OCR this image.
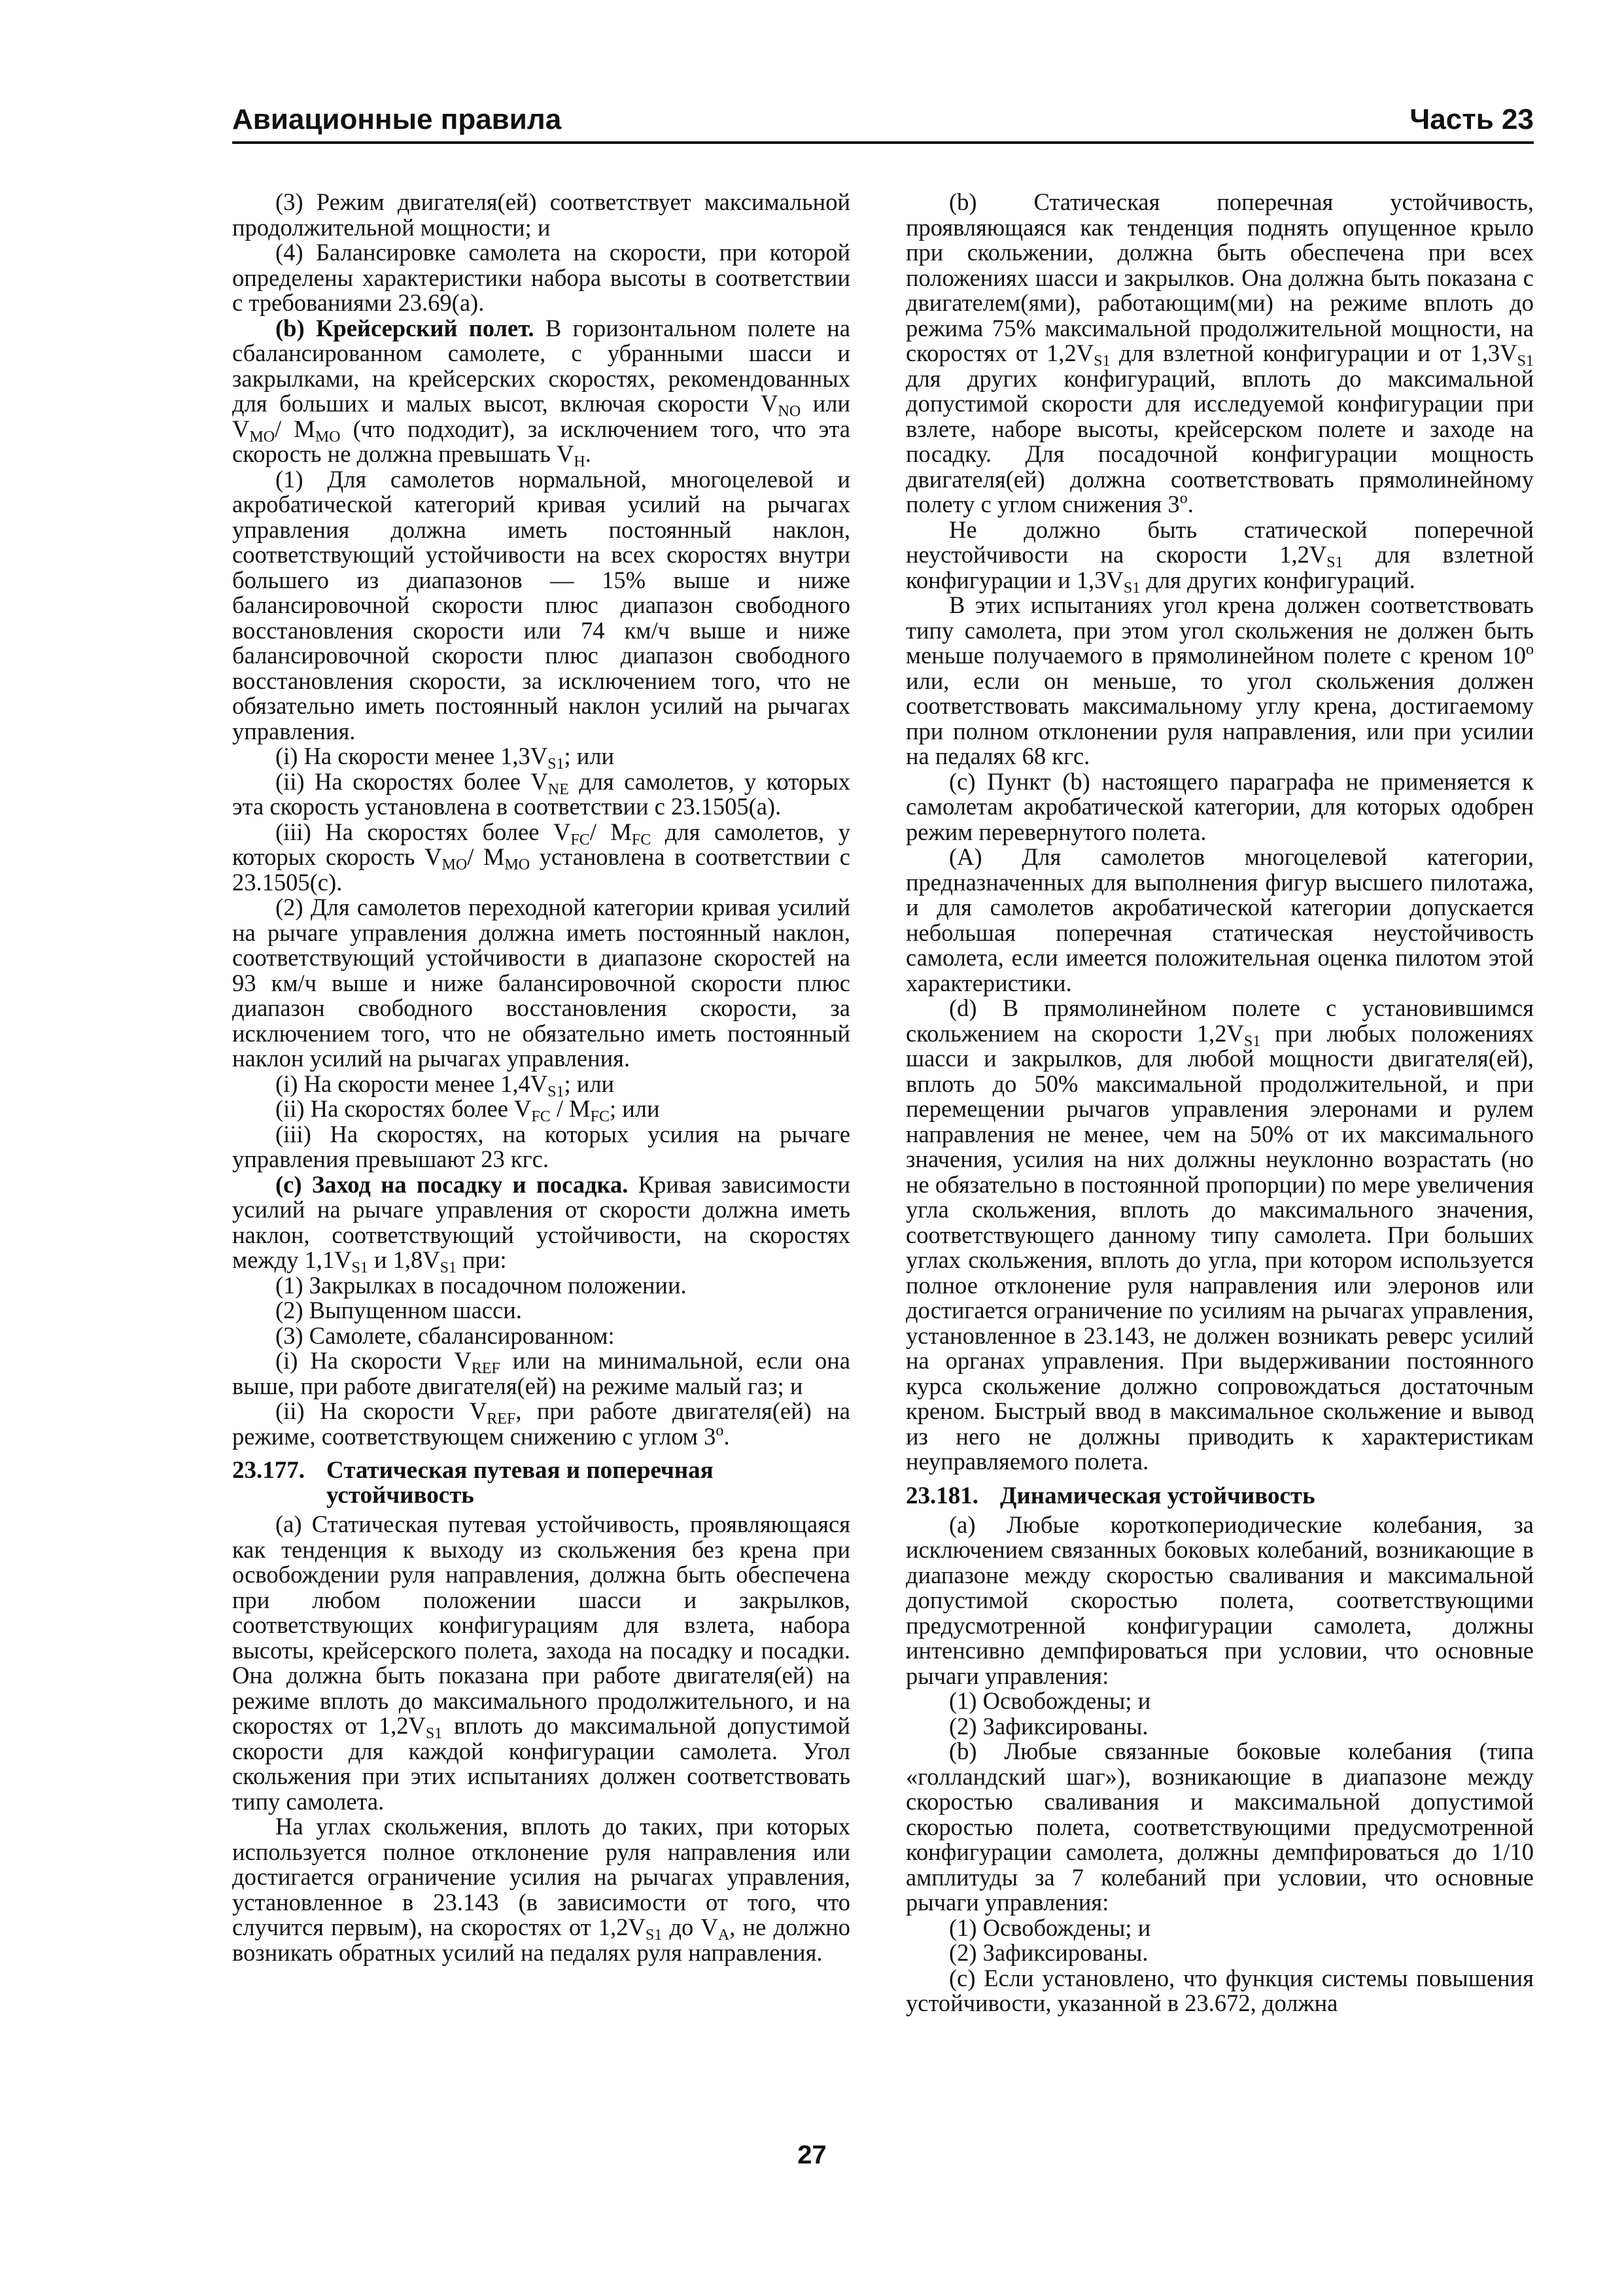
Авиационные правила	Часть 23

(3) Режим двигателя(ей) соответствует максимальной продолжительной мощности; и

(4) Балансировке самолета на скорости, при которой определены характеристики набора высоты в соответствии с требованиями 23.69(а).

(b) Крейсерский полет. В горизонтальном полете на сбалансированном самолете, с убранными шасси и закрылками, на крейсерских скоростях, рекомендованных для больших и малых высот, включая скорости $V_{NO}$ или $V_{MO}/$ $M_{MO}$ (что подходит), за исключением того, что эта скорость не должна превышать $V_H$.

(1) Для самолетов нормальной, многоцелевой и акробатической категорий кривая усилий на рычагах управления должна иметь постоянный наклон, соответствующий устойчивости на всех скоростях внутри большего из диапазонов — 15% выше и ниже балансировочной скорости плюс диапазон свободного восстановления скорости или 74 км/ч выше и ниже балансировочной скорости плюс диапазон свободного восстановления скорости, за исключением того, что не обязательно иметь постоянный наклон усилий на рычагах управления.

(i) На скорости менее $1,3V_{S1}$; или

(ii) На скоростях более $V_{NE}$ для самолетов, у которых эта скорость установлена в соответствии с 23.1505(а).

(iii) На скоростях более $V_{FC}/$ $M_{FC}$ для самолетов, у которых скорость $V_{MO}/$ $M_{MO}$ установлена в соответствии с 23.1505(с).

(2) Для самолетов переходной категории кривая усилий на рычаге управления должна иметь постоянный наклон, соответствующий устойчивости в диапазоне скоростей на 93 км/ч выше и ниже балансировочной скорости плюс диапазон свободного восстановления скорости, за исключением того, что не обязательно иметь постоянный наклон усилий на рычагах управления.

(i) На скорости менее $1,4V_{S1}$; или

(ii) На скоростях более $V_{FC} / M_{FC}$; или

(iii) На скоростях, на которых усилия на рычаге управления превышают 23 кгс.

(с) Заход на посадку и посадка. Кривая зависимости усилий на рычаге управления от скорости должна иметь наклон, соответствующий устойчивости, на скоростях между $1,1V_{S1}$ и $1,8V_{S1}$ при:

(1) Закрылках в посадочном положении.

(2) Выпущенном шасси.

(3) Самолете, сбалансированном:

(i) На скорости $V_{REF}$ или на минимальной, если она выше, при работе двигателя(ей) на режиме малый газ; и

(ii) На скорости $V_{REF}$, при работе двигателя(ей) на режиме, соответствующем снижению с углом $3^о$.

23.177. Статическая путевая и поперечная устойчивость

(а) Статическая путевая устойчивость, проявляющаяся как тенденция к выходу из скольжения без крена при освобождении руля направления, должна быть обеспечена при любом положении шасси и закрылков, соответствующих конфигурациям для взлета, набора высоты, крейсерского полета, захода на посадку и посадки. Она должна быть показана при работе двигателя(ей) на режиме вплоть до максимального продолжительного, и на скоростях от $1,2V_{S1}$ вплоть до максимальной допустимой скорости для каждой конфигурации самолета. Угол скольжения при этих испытаниях должен соответствовать типу самолета.

На углах скольжения, вплоть до таких, при которых используется полное отклонение руля направления или достигается ограничение усилия на рычагах управления, установленное в 23.143 (в зависимости от того, что случится первым), на скоростях от $1,2V_{S1}$ до $V_A$, не должно возникать обратных усилий на педалях руля направления.

(b) Статическая поперечная устойчивость, проявляющаяся как тенденция поднять опущенное крыло при скольжении, должна быть обеспечена при всех положениях шасси и закрылков. Она должна быть показана с двигателем(ями), работающим(ми) на режиме вплоть до режима 75% максимальной продолжительной мощности, на скоростях от $1,2V_{S1}$ для взлетной конфигурации и от $1,3V_{S1}$ для других конфигураций, вплоть до максимальной допустимой скорости для исследуемой конфигурации при взлете, наборе высоты, крейсерском полете и заходе на посадку. Для посадочной конфигурации мощность двигателя(ей) должна соответствовать прямолинейному полету с углом снижения $3^о$.

Не должно быть статической поперечной неустойчивости на скорости $1,2V_{S1}$ для взлетной конфигурации и $1,3V_{S1}$ для других конфигураций.

В этих испытаниях угол крена должен соответствовать типу самолета, при этом угол скольжения не должен быть меньше получаемого в прямолинейном полете с креном $10^о$ или, если он меньше, то угол скольжения должен соответствовать максимальному углу крена, достигаемому при полном отклонении руля направления, или при усилии на педалях 68 кгс.

(с) Пункт (b) настоящего параграфа не применяется к самолетам акробатической категории, для которых одобрен режим перевернутого полета.

(А) Для самолетов многоцелевой категории, предназначенных для выполнения фигур высшего пилотажа, и для самолетов акробатической категории допускается небольшая поперечная статическая неустойчивость самолета, если имеется положительная оценка пилотом этой характеристики.

(d) В прямолинейном полете с установившимся скольжением на скорости $1,2V_{S1}$ при любых положениях шасси и закрылков, для любой мощности двигателя(ей), вплоть до 50% максимальной продолжительной, и при перемещении рычагов управления элеронами и рулем направления не менее, чем на 50% от их максимального значения, усилия на них должны неуклонно возрастать (но не обязательно в постоянной пропорции) по мере увеличения угла скольжения, вплоть до максимального значения, соответствующего данному типу самолета. При больших углах скольжения, вплоть до угла, при котором используется полное отклонение руля направления или элеронов или достигается ограничение по усилиям на рычагах управления, установленное в 23.143, не должен возникать реверс усилий на органах управления. При выдерживании постоянного курса скольжение должно сопровождаться достаточным креном. Быстрый ввод в максимальное скольжение и вывод из него не должны приводить к характеристикам неуправляемого полета.

23.181. Динамическая устойчивость

(а) Любые короткопериодические колебания, за исключением связанных боковых колебаний, возникающие в диапазоне между скоростью сваливания и максимальной допустимой скоростью полета, соответствующими предусмотренной конфигурации самолета, должны интенсивно демпфироваться при условии, что основные рычаги управления:

(1) Освобождены; и

(2) Зафиксированы.

(b) Любые связанные боковые колебания (типа «голландский шаг»), возникающие в диапазоне между скоростью сваливания и максимальной допустимой скоростью полета, соответствующими предусмотренной конфигурации самолета, должны демпфироваться до 1/10 амплитуды за 7 колебаний при условии, что основные рычаги управления:

(1) Освобождены; и

(2) Зафиксированы.

(с) Если установлено, что функция системы повышения устойчивости, указанной в 23.672, должна

27
